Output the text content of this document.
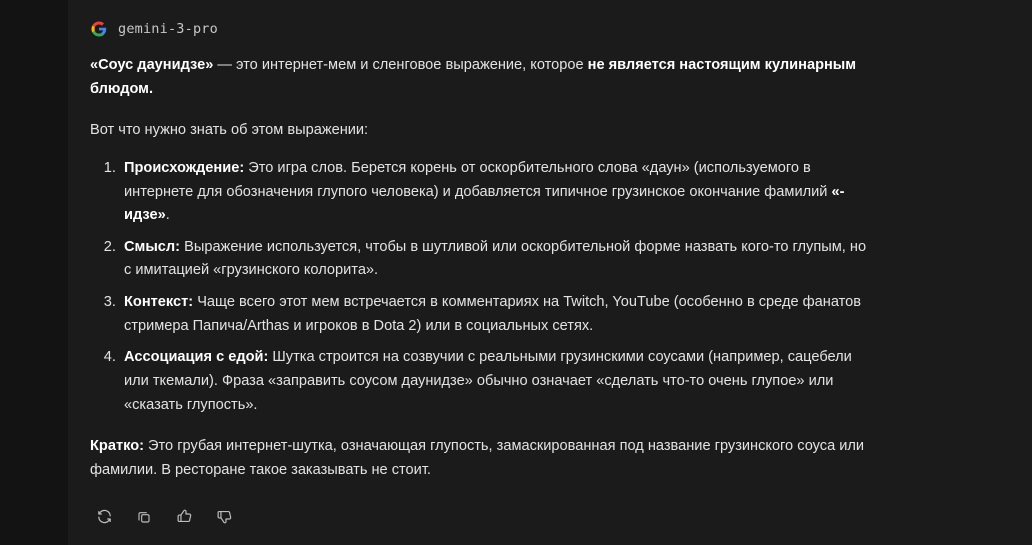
gemini-3-pro

«Соус даунидзе» — это интернет-мем и сленговое выражение, которое не является настоящим кулинарным блюдом.

Вот что нужно знать об этом выражении:

1. Происхождение: Это игра слов. Берется корень от оскорбительного слова «даун» (используемого в интернете для обозначения глупого человека) и добавляется типичное грузинское окончание фамилий «-идзе».
2. Смысл: Выражение используется, чтобы в шутливой или оскорбительной форме назвать кого-то глупым, но с имитацией «грузинского колорита».
3. Контекст: Чаще всего этот мем встречается в комментариях на Twitch, YouTube (особенно в среде фанатов стримера Папича/Arthas и игроков в Dota 2) или в социальных сетях.
4. Ассоциация с едой: Шутка строится на созвучии с реальными грузинскими соусами (например, сацебели или ткемали). Фраза «заправить соусом даунидзе» обычно означает «сделать что-то очень глупое» или «сказать глупость».

Кратко: Это грубая интернет-шутка, означающая глупость, замаскированная под название грузинского соуса или фамилии. В ресторане такое заказывать не стоит.
